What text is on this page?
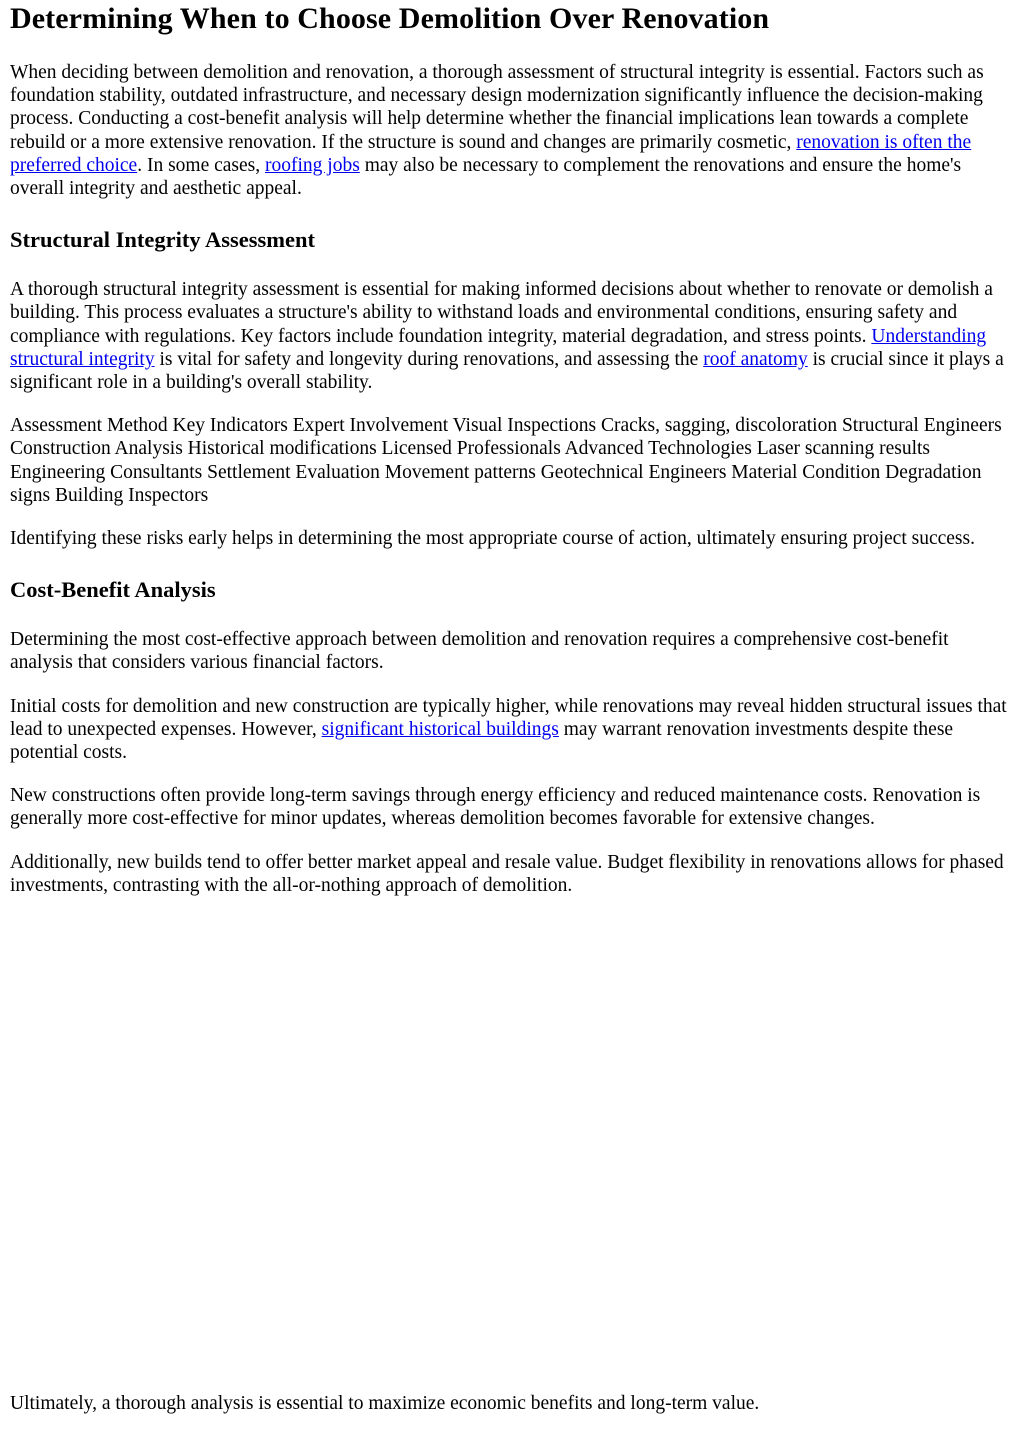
Determining When to Choose Demolition Over Renovation

When deciding between demolition and renovation, a thorough assessment of structural integrity is essential. Factors such as foundation stability, outdated infrastructure, and necessary design modernization significantly influence the decision-making process. Conducting a cost-benefit analysis will help determine whether the financial implications lean towards a complete rebuild or a more extensive renovation. If the structure is sound and changes are primarily cosmetic, renovation is often the preferred choice. In some cases, roofing jobs may also be necessary to complement the renovations and ensure the home's overall integrity and aesthetic appeal.

Structural Integrity Assessment

A thorough structural integrity assessment is essential for making informed decisions about whether to renovate or demolish a building. This process evaluates a structure's ability to withstand loads and environmental conditions, ensuring safety and compliance with regulations. Key factors include foundation integrity, material degradation, and stress points. Understanding structural integrity is vital for safety and longevity during renovations, and assessing the roof anatomy is crucial since it plays a significant role in a building's overall stability.

Assessment Method Key Indicators Expert Involvement Visual Inspections Cracks, sagging, discoloration Structural Engineers Construction Analysis Historical modifications Licensed Professionals Advanced Technologies Laser scanning results Engineering Consultants Settlement Evaluation Movement patterns Geotechnical Engineers Material Condition Degradation signs Building Inspectors

Identifying these risks early helps in determining the most appropriate course of action, ultimately ensuring project success.

Cost-Benefit Analysis

Determining the most cost-effective approach between demolition and renovation requires a comprehensive cost-benefit analysis that considers various financial factors.

Initial costs for demolition and new construction are typically higher, while renovations may reveal hidden structural issues that lead to unexpected expenses. However, significant historical buildings may warrant renovation investments despite these potential costs.

New constructions often provide long-term savings through energy efficiency and reduced maintenance costs. Renovation is generally more cost-effective for minor updates, whereas demolition becomes favorable for extensive changes.

Additionally, new builds tend to offer better market appeal and resale value. Budget flexibility in renovations allows for phased investments, contrasting with the all-or-nothing approach of demolition.

Ultimately, a thorough analysis is essential to maximize economic benefits and long-term value.
